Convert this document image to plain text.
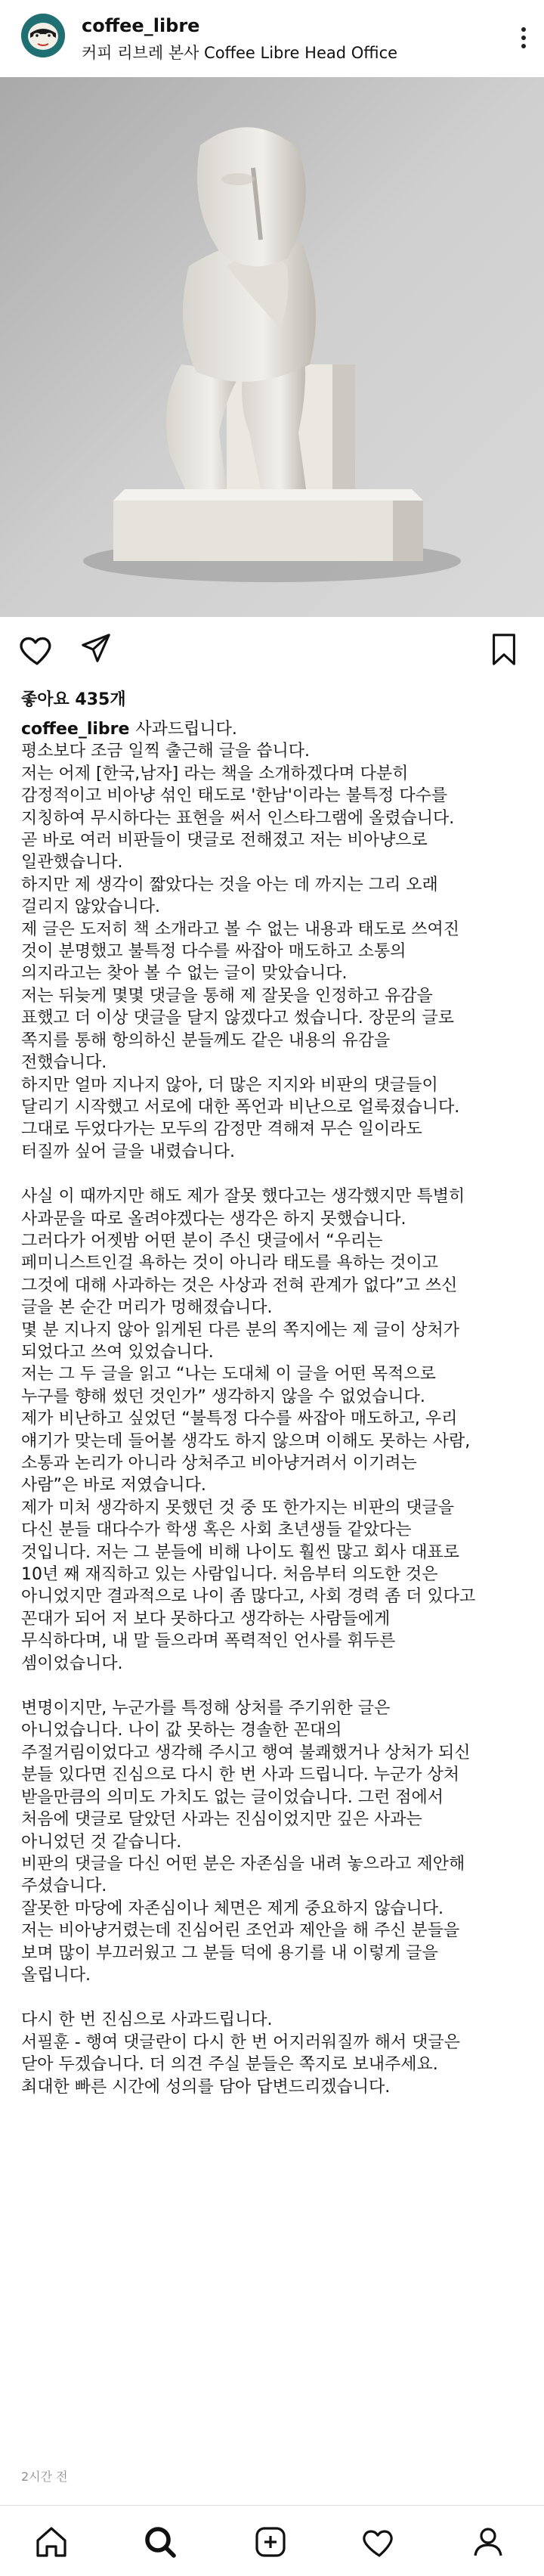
coffee_libre
커피 리브레 본사 Coffee Libre Head Office
좋아요 435개

coffee_libre 사과드립니다.

평소보다 조금 일찍 출근해 글을 씁니다.

저는 어제 [한국,남자] 라는 책을 소개하겠다며 다분히

감정적이고 비아냥 섞인 태도로 '한남'이라는 불특정 다수를

지칭하여 무시하다는 표현을 써서 인스타그램에 올렸습니다.

곧 바로 여러 비판들이 댓글로 전해졌고 저는 비아냥으로

일관했습니다.

하지만 제 생각이 짧았다는 것을 아는 데 까지는 그리 오래

걸리지 않았습니다.

제 글은 도저히 책 소개라고 볼 수 없는 내용과 태도로 쓰여진

것이 분명했고 불특정 다수를 싸잡아 매도하고 소통의

의지라고는 찾아 볼 수 없는 글이 맞았습니다.

저는 뒤늦게 몇몇 댓글을 통해 제 잘못을 인정하고 유감을

표했고 더 이상 댓글을 달지 않겠다고 썼습니다. 장문의 글로

쪽지를 통해 항의하신 분들께도 같은 내용의 유감을

전했습니다.

하지만 얼마 지나지 않아, 더 많은 지지와 비판의 댓글들이

달리기 시작했고 서로에 대한 폭언과 비난으로 얼룩졌습니다.

그대로 두었다가는 모두의 감정만 격해져 무슨 일이라도

터질까 싶어 글을 내렸습니다.

사실 이 때까지만 해도 제가 잘못 했다고는 생각했지만 특별히

사과문을 따로 올려야겠다는 생각은 하지 못했습니다.

그러다가 어젯밤 어떤 분이 주신 댓글에서 “우리는

페미니스트인걸 욕하는 것이 아니라 태도를 욕하는 것이고

그것에 대해 사과하는 것은 사상과 전혀 관계가 없다”고 쓰신

글을 본 순간 머리가 멍해졌습니다.

몇 분 지나지 않아 읽게된 다른 분의 쪽지에는 제 글이 상처가

되었다고 쓰여 있었습니다.

저는 그 두 글을 읽고 “나는 도대체 이 글을 어떤 목적으로

누구를 향해 썼던 것인가” 생각하지 않을 수 없었습니다.

제가 비난하고 싶었던 “불특정 다수를 싸잡아 매도하고, 우리

얘기가 맞는데 들어볼 생각도 하지 않으며 이해도 못하는 사람,

소통과 논리가 아니라 상처주고 비아냥거려서 이기려는

사람”은 바로 저였습니다.

제가 미처 생각하지 못했던 것 중 또 한가지는 비판의 댓글을

다신 분들 대다수가 학생 혹은 사회 초년생들 같았다는

것입니다. 저는 그 분들에 비해 나이도 훨씬 많고 회사 대표로

10년 째 재직하고 있는 사람입니다. 처음부터 의도한 것은

아니었지만 결과적으로 나이 좀 많다고, 사회 경력 좀 더 있다고

꼰대가 되어 저 보다 못하다고 생각하는 사람들에게

무식하다며, 내 말 들으라며 폭력적인 언사를 휘두른

셈이었습니다.

변명이지만, 누군가를 특정해 상처를 주기위한 글은

아니었습니다. 나이 값 못하는 경솔한 꼰대의

주절거림이었다고 생각해 주시고 행여 불쾌했거나 상처가 되신

분들 있다면 진심으로 다시 한 번 사과 드립니다. 누군가 상처

받을만큼의 의미도 가치도 없는 글이었습니다. 그런 점에서

처음에 댓글로 달았던 사과는 진심이었지만 깊은 사과는

아니었던 것 같습니다.

비판의 댓글을 다신 어떤 분은 자존심을 내려 놓으라고 제안해

주셨습니다.

잘못한 마당에 자존심이나 체면은 제게 중요하지 않습니다.

저는 비아냥거렸는데 진심어린 조언과 제안을 해 주신 분들을

보며 많이 부끄러웠고 그 분들 덕에 용기를 내 이렇게 글을

올립니다.

다시 한 번 진심으로 사과드립니다.

서필훈 - 행여 댓글란이 다시 한 번 어지러워질까 해서 댓글은

닫아 두겠습니다. 더 의견 주실 분들은 쪽지로 보내주세요.

최대한 빠른 시간에 성의를 담아 답변드리겠습니다.

2시간 전
